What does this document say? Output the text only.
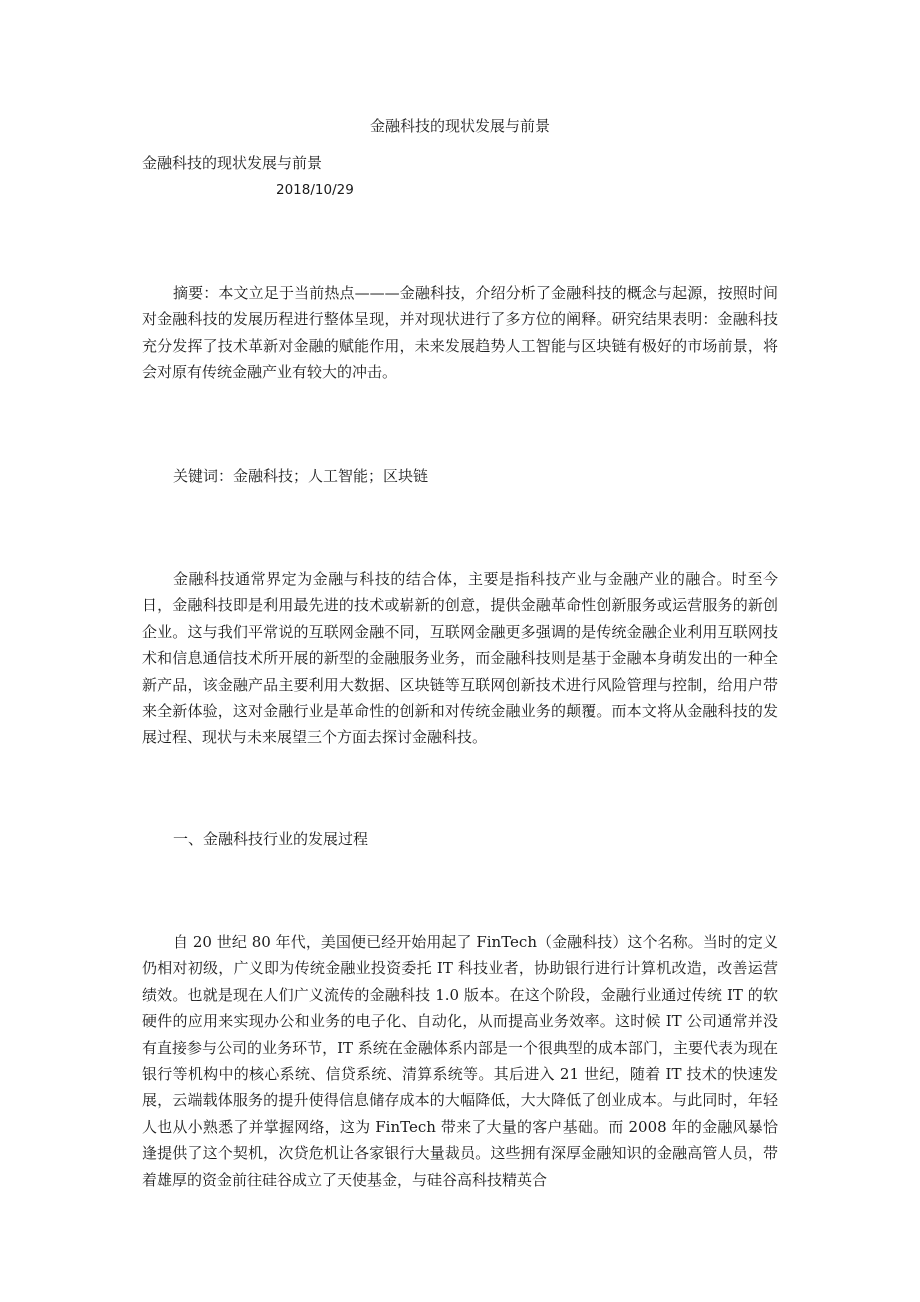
金融科技的现状发展与前景
金融科技的现状发展与前景
2018/10/29

摘要：本文立足于当前热点———金融科技，介绍分析了金融科技的概念与起源，按照时间对金融科技的发展历程进行整体呈现，并对现状进行了多方位的阐释。研究结果表明：金融科技充分发挥了技术革新对金融的赋能作用，未来发展趋势人工智能与区块链有极好的市场前景，将会对原有传统金融产业有较大的冲击。

关键词：金融科技；人工智能；区块链

金融科技通常界定为金融与科技的结合体，主要是指科技产业与金融产业的融合。时至今日，金融科技即是利用最先进的技术或崭新的创意，提供金融革命性创新服务或运营服务的新创企业。这与我们平常说的互联网金融不同，互联网金融更多强调的是传统金融企业利用互联网技术和信息通信技术所开展的新型的金融服务业务，而金融科技则是基于金融本身萌发出的一种全新产品，该金融产品主要利用大数据、区块链等互联网创新技术进行风险管理与控制，给用户带来全新体验，这对金融行业是革命性的创新和对传统金融业务的颠覆。而本文将从金融科技的发展过程、现状与未来展望三个方面去探讨金融科技。

一、金融科技行业的发展过程

自 20 世纪 80 年代，美国便已经开始用起了 FinTech（金融科技）这个名称。当时的定义仍相对初级，广义即为传统金融业投资委托 IT 科技业者，协助银行进行计算机改造，改善运营绩效。也就是现在人们广义流传的金融科技 1.0 版本。在这个阶段，金融行业通过传统 IT 的软硬件的应用来实现办公和业务的电子化、自动化，从而提高业务效率。这时候 IT 公司通常并没有直接参与公司的业务环节，IT 系统在金融体系内部是一个很典型的成本部门，主要代表为现在银行等机构中的核心系统、信贷系统、清算系统等。其后进入 21 世纪，随着 IT 技术的快速发展，云端载体服务的提升使得信息储存成本的大幅降低，大大降低了创业成本。与此同时，年轻人也从小熟悉了并掌握网络，这为 FinTech 带来了大量的客户基础。而 2008 年的金融风暴恰逢提供了这个契机，次贷危机让各家银行大量裁员。这些拥有深厚金融知识的金融高管人员，带着雄厚的资金前往硅谷成立了天使基金，与硅谷高科技精英合
